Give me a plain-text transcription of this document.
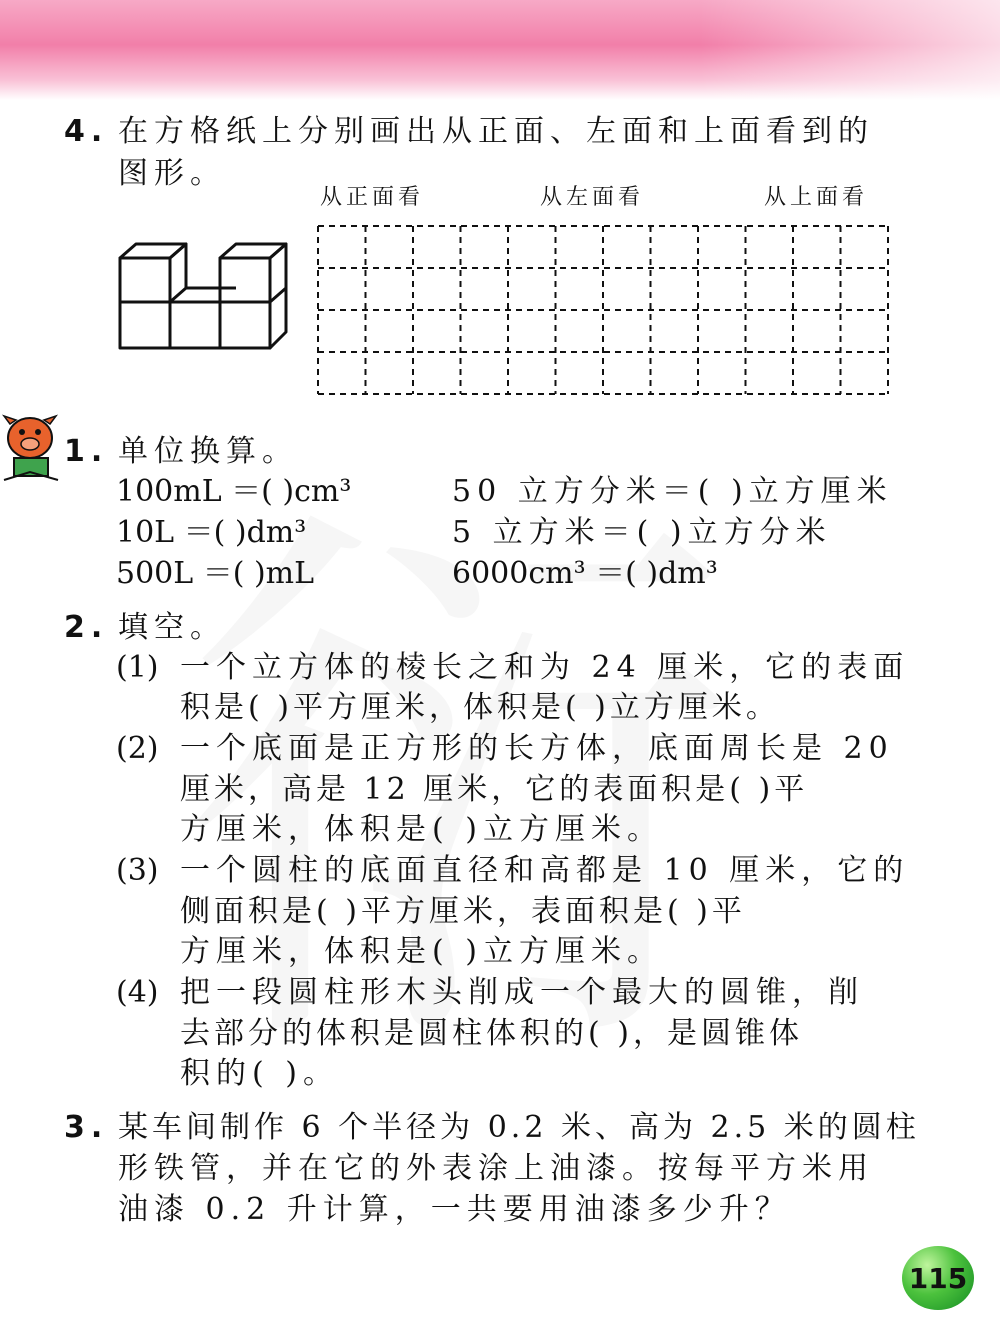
4. 在方格纸上分别画出从正面、左面和上面看到的
图形。
从正面看	从左面看	从上面看
1. 单位换算。
100mL ＝( )cm³	50 立方分米＝( )立方厘米
10L ＝( )dm³	5 立方米＝( )立方分米
500L ＝( )mL	6000cm³ ＝( )dm³
2. 填空。
(1) 一个立方体的棱长之和为 24 厘米，它的表面
积是( )平方厘米，体积是( )立方厘米。
(2) 一个底面是正方形的长方体，底面周长是 20
厘米，高是 12 厘米，它的表面积是( )平
方厘米，体积是( )立方厘米。
(3) 一个圆柱的底面直径和高都是 10 厘米，它的
侧面积是( )平方厘米，表面积是( )平
方厘米，体积是( )立方厘米。
(4) 把一段圆柱形木头削成一个最大的圆锥，削
去部分的体积是圆柱体积的( )，是圆锥体
积的( )。
3. 某车间制作 6 个半径为 0.2 米、高为 2.5 米的圆柱
形铁管，并在它的外表涂上油漆。按每平方米用
油漆 0.2 升计算，一共要用油漆多少升？
115
